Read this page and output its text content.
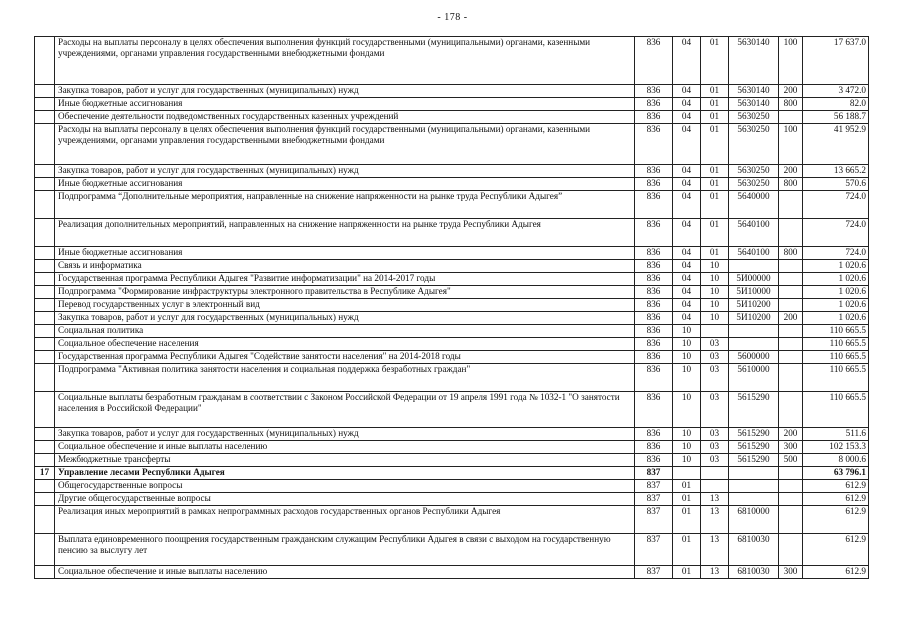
- 178 -
	Расходы на выплаты персоналу в целях обеспечения выполнения функций государственными (муниципальными) органами, казенными учреждениями, органами управления государственными внебюджетными фондами	836	04	01	5630140	100	17 637.0
	Закупка товаров, работ и услуг для государственных (муниципальных) нужд	836	04	01	5630140	200	3 472.0
	Иные бюджетные ассигнования	836	04	01	5630140	800	82.0
	Обеспечение деятельности подведомственных государственных казенных учреждений	836	04	01	5630250		56 188.7
	Расходы на выплаты персоналу в целях обеспечения выполнения функций государственными (муниципальными) органами, казенными учреждениями, органами управления государственными внебюджетными фондами	836	04	01	5630250	100	41 952.9
	Закупка товаров, работ и услуг для государственных (муниципальных) нужд	836	04	01	5630250	200	13 665.2
	Иные бюджетные ассигнования	836	04	01	5630250	800	570.6
	Подпрограмма “Дополнительные мероприятия, направленные на снижение напряженности на рынке труда Республики Адыгея”	836	04	01	5640000		724.0
	Реализация дополнительных мероприятий, направленных на снижение напряженности на рынке труда Республики Адыгея	836	04	01	5640100		724.0
	Иные бюджетные ассигнования	836	04	01	5640100	800	724.0
	Связь и информатика	836	04	10			1 020.6
	Государственная программа Республики Адыгея "Развитие информатизации" на 2014-2017 годы	836	04	10	5И00000		1 020.6
	Подпрограмма "Формирование инфраструктуры электронного правительства в Республике Адыгея"	836	04	10	5И10000		1 020.6
	Перевод государственных услуг в электронный вид	836	04	10	5И10200		1 020.6
	Закупка товаров, работ и услуг для государственных (муниципальных) нужд	836	04	10	5И10200	200	1 020.6
	Социальная политика	836	10				110 665.5
	Социальное обеспечение населения	836	10	03			110 665.5
	Государственная программа Республики Адыгея "Содействие занятости населения" на 2014-2018 годы	836	10	03	5600000		110 665.5
	Подпрограмма "Активная политика занятости населения и социальная поддержка безработных граждан"	836	10	03	5610000		110 665.5
	Социальные выплаты безработным гражданам в соответствии с Законом Российской Федерации от 19 апреля 1991 года № 1032-1 "О занятости населения в Российской Федерации"	836	10	03	5615290		110 665.5
	Закупка товаров, работ и услуг для государственных (муниципальных) нужд	836	10	03	5615290	200	511.6
	Социальное обеспечение и иные выплаты населению	836	10	03	5615290	300	102 153.3
	Межбюджетные трансферты	836	10	03	5615290	500	8 000.6
17	Управление лесами Республики Адыгея	837					63 796.1
	Общегосударственные вопросы	837	01				612.9
	Другие общегосударственные вопросы	837	01	13			612.9
	Реализация иных мероприятий в рамках непрограммных расходов государственных органов Республики Адыгея	837	01	13	6810000		612.9
	Выплата единовременного поощрения государственным гражданским служащим Республики Адыгея в связи с выходом на государственную пенсию за выслугу лет	837	01	13	6810030		612.9
	Социальное обеспечение и иные выплаты населению	837	01	13	6810030	300	612.9
